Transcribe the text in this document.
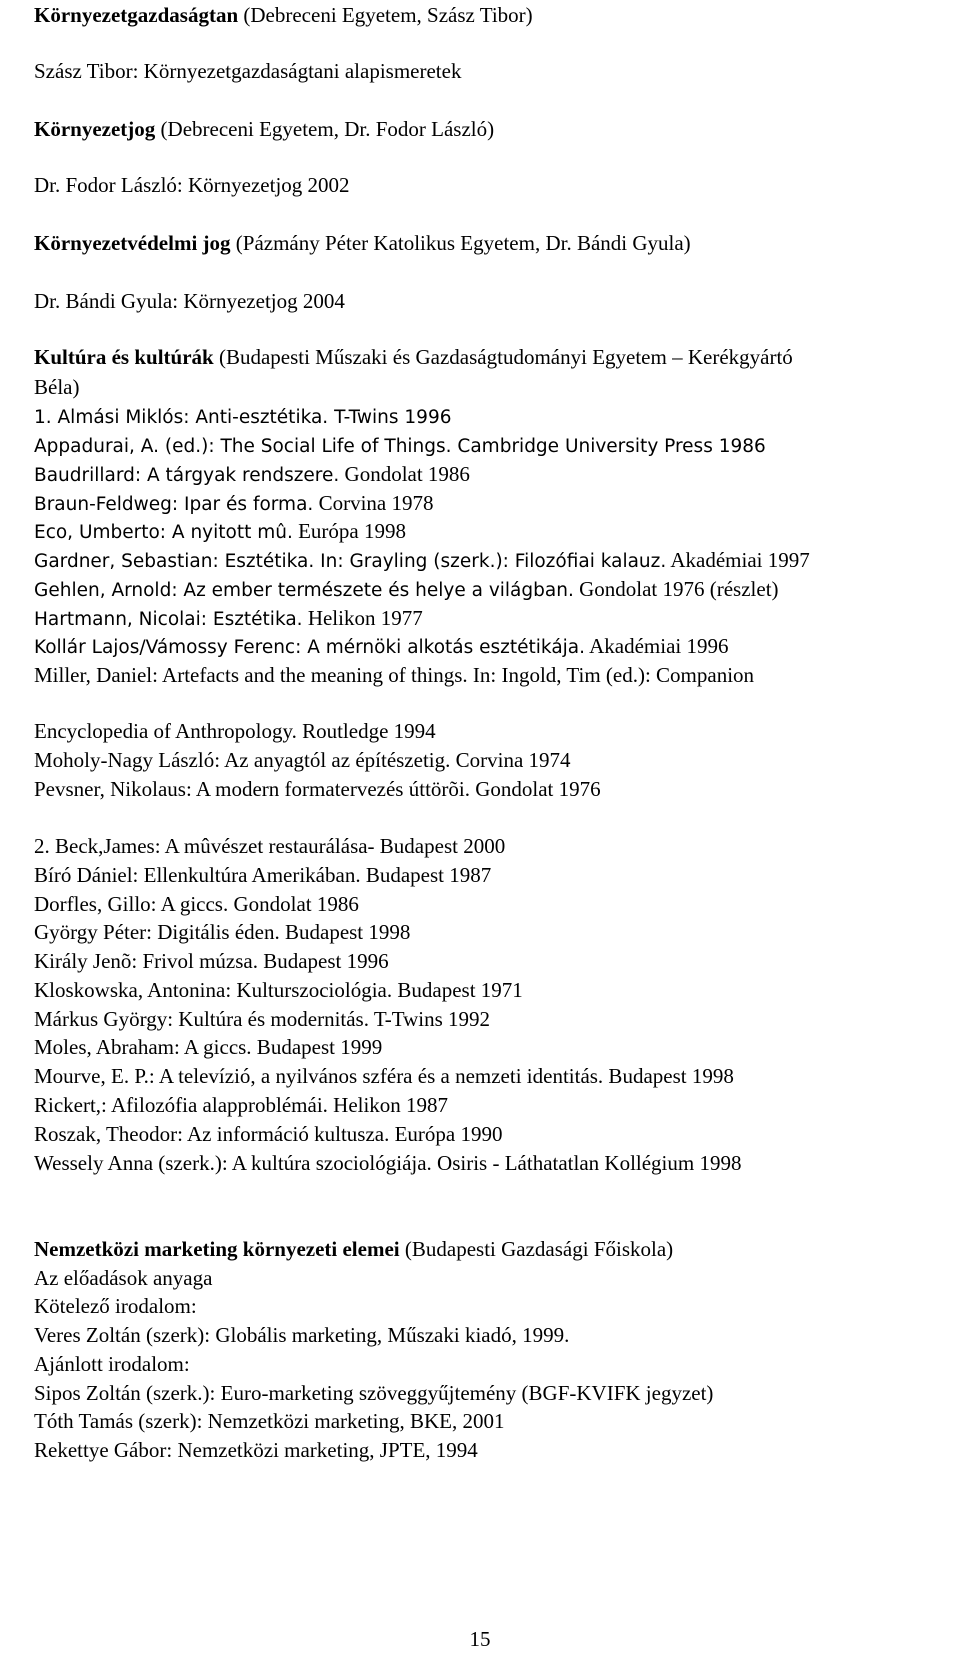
Környezetgazdaságtan (Debreceni Egyetem, Szász Tibor)
Szász Tibor: Környezetgazdaságtani alapismeretek
Környezetjog (Debreceni Egyetem, Dr. Fodor László)
Dr. Fodor László: Környezetjog 2002
Környezetvédelmi jog (Pázmány Péter Katolikus Egyetem, Dr. Bándi Gyula)
Dr. Bándi Gyula: Környezetjog 2004
Kultúra és kultúrák (Budapesti Műszaki és Gazdaságtudományi Egyetem – Kerékgyártó
Béla)
1. Almási Miklós: Anti-esztétika. T-Twins 1996
Appadurai, A. (ed.): The Social Life of Things. Cambridge University Press 1986
Baudrillard: A tárgyak rendszere. Gondolat 1986
Braun-Feldweg: Ipar és forma. Corvina 1978
Eco, Umberto: A nyitott mû. Európa 1998
Gardner, Sebastian: Esztétika. In: Grayling (szerk.): Filozófiai kalauz. Akadémiai 1997
Gehlen, Arnold: Az ember természete és helye a világban. Gondolat 1976 (részlet)
Hartmann, Nicolai: Esztétika. Helikon 1977
Kollár Lajos/Vámossy Ferenc: A mérnöki alkotás esztétikája. Akadémiai 1996
Miller, Daniel: Artefacts and the meaning of things. In: Ingold, Tim (ed.): Companion
Encyclopedia of Anthropology. Routledge 1994
Moholy-Nagy László: Az anyagtól az építészetig. Corvina 1974
Pevsner, Nikolaus: A modern formatervezés úttörõi. Gondolat 1976
2. Beck,James: A mûvészet restaurálása- Budapest 2000
Bíró Dániel: Ellenkultúra Amerikában. Budapest 1987
Dorfles, Gillo: A giccs. Gondolat 1986
György Péter: Digitális éden. Budapest 1998
Király Jenõ: Frivol múzsa. Budapest 1996
Kloskowska, Antonina: Kulturszociológia. Budapest 1971
Márkus György: Kultúra és modernitás. T-Twins 1992
Moles, Abraham: A giccs. Budapest 1999
Mourve, E. P.: A televízió, a nyilvános szféra és a nemzeti identitás. Budapest 1998
Rickert,: Afilozófia alapproblémái. Helikon 1987
Roszak, Theodor: Az információ kultusza. Európa 1990
Wessely Anna (szerk.): A kultúra szociológiája. Osiris - Láthatatlan Kollégium 1998
Nemzetközi marketing környezeti elemei (Budapesti Gazdasági Főiskola)
Az előadások anyaga
Kötelező irodalom:
Veres Zoltán (szerk): Globális marketing, Műszaki kiadó, 1999.
Ajánlott irodalom:
Sipos Zoltán (szerk.): Euro-marketing szöveggyűjtemény (BGF-KVIFK jegyzet)
Tóth Tamás (szerk): Nemzetközi marketing, BKE, 2001
Rekettye Gábor: Nemzetközi marketing, JPTE, 1994
15
